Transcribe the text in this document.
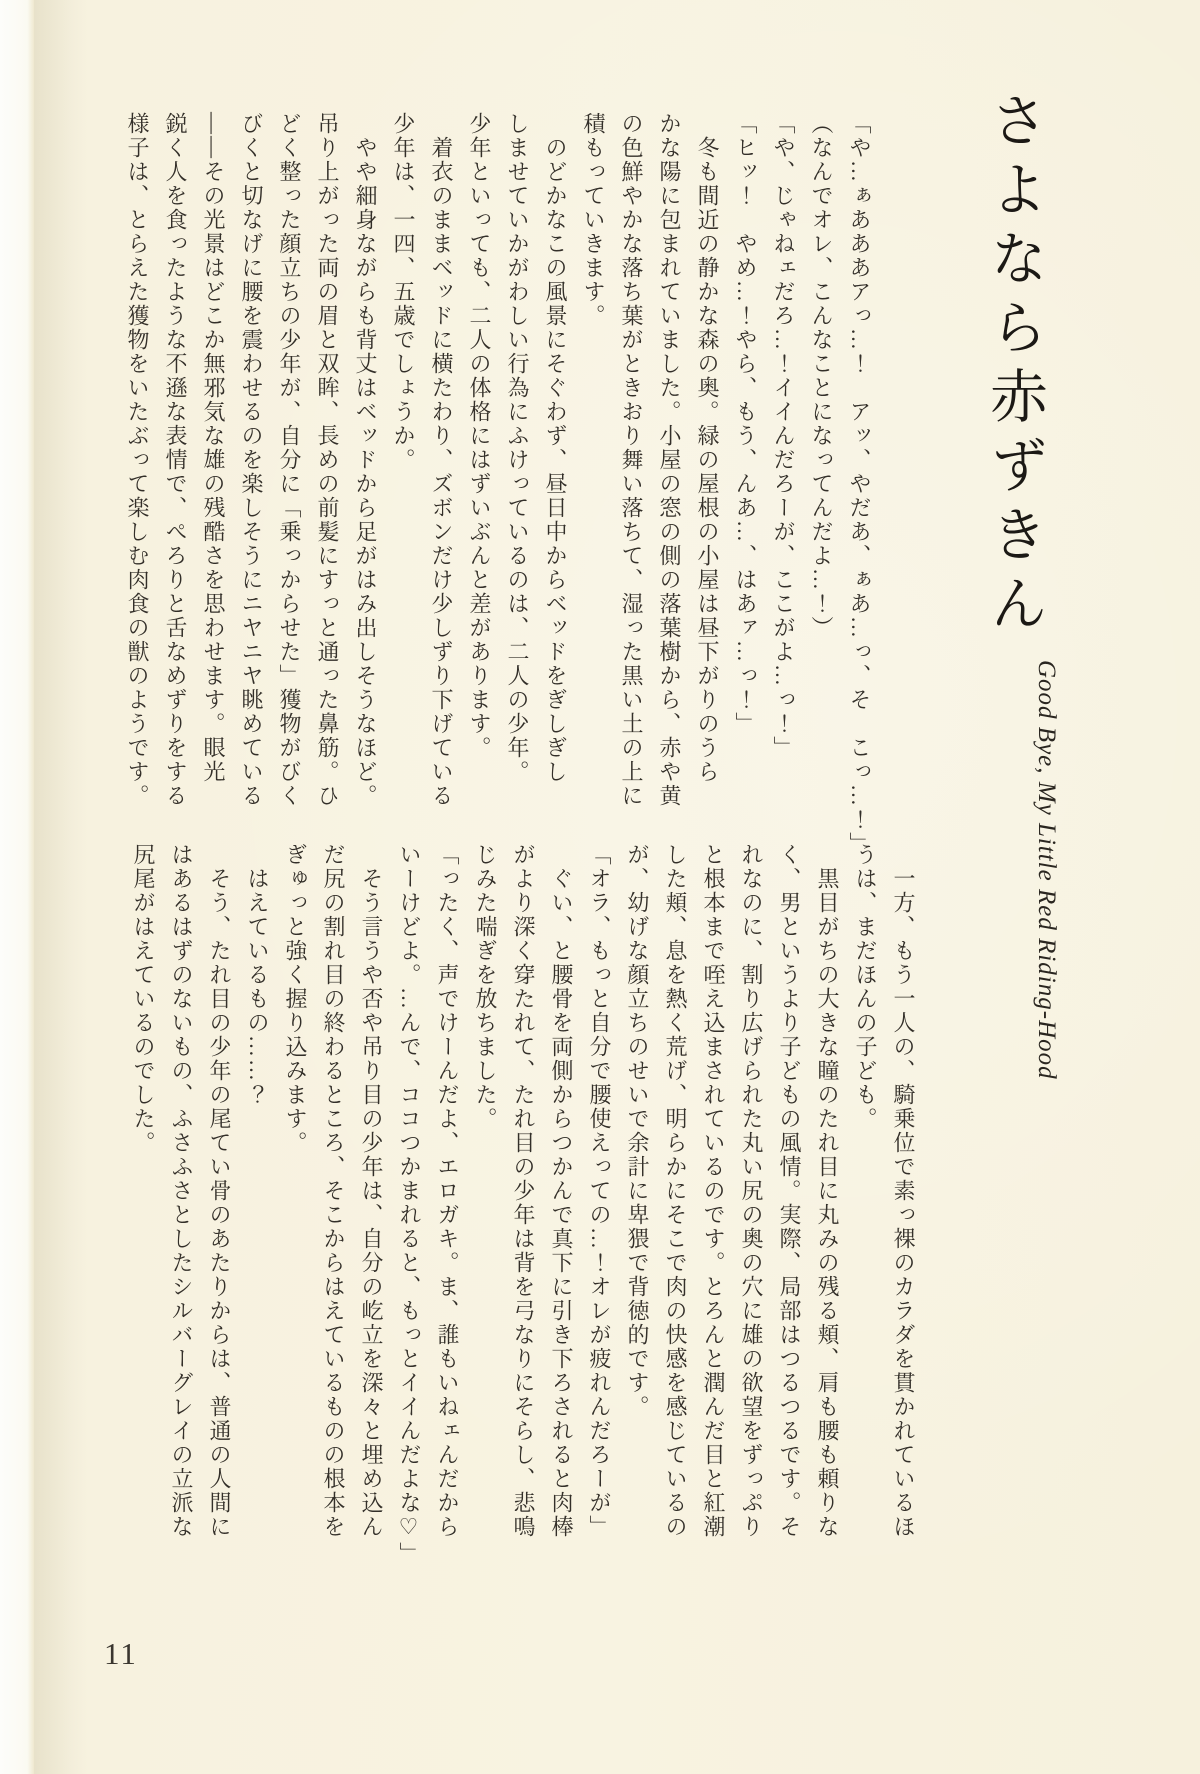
さよなら赤ずきん
Good Bye, My Little Red Riding-Hood
「や…ぁあああアっ…！　アッ、やだあ、ぁあ…っ、そ　こっ…！」
（なんでオレ、こんなことになってんだよ…！）
「や、じゃねェだろ…！イイんだろーが、ここがよ…っ！」
「ヒッ！　やめ…！やら、もう、んあ…、はあァ…っ！」
　冬も間近の静かな森の奥。緑の屋根の小屋は昼下がりのうら
かな陽に包まれていました。小屋の窓の側の落葉樹から、赤や黄
の色鮮やかな落ち葉がときおり舞い落ちて、湿った黒い土の上に
積もっていきます。
　のどかなこの風景にそぐわず、昼日中からベッドをぎしぎし
しませていかがわしい行為にふけっているのは、二人の少年。
少年といっても、二人の体格にはずいぶんと差があります。
　着衣のままベッドに横たわり、ズボンだけ少しずり下げている
少年は、一四、五歳でしょうか。
　やや細身ながらも背丈はベッドから足がはみ出しそうなほど。
吊り上がった両の眉と双眸、長めの前髪にすっと通った鼻筋。ひ
どく整った顔立ちの少年が、自分に「乗っからせた」獲物がびく
びくと切なげに腰を震わせるのを楽しそうにニヤニヤ眺めている
――その光景はどこか無邪気な雄の残酷さを思わせます。眼光
鋭く人を食ったような不遜な表情で、ぺろりと舌なめずりをする
様子は、とらえた獲物をいたぶって楽しむ肉食の獣のようです。
　一方、もう一人の、騎乗位で素っ裸のカラダを貫かれているほ
うは、まだほんの子ども。
　黒目がちの大きな瞳のたれ目に丸みの残る頬、肩も腰も頼りな
く、男というより子どもの風情。実際、局部はつるつるです。そ
れなのに、割り広げられた丸い尻の奥の穴に雄の欲望をずっぷり
と根本まで咥え込まされているのです。とろんと潤んだ目と紅潮
した頬、息を熱く荒げ、明らかにそこで肉の快感を感じているの
が、幼げな顔立ちのせいで余計に卑猥で背徳的です。
「オラ、もっと自分で腰使えっての…！オレが疲れんだろーが」
　ぐい、と腰骨を両側からつかんで真下に引き下ろされると肉棒
がより深く穿たれて、たれ目の少年は背を弓なりにそらし、悲鳴
じみた喘ぎを放ちました。
「ったく、声でけーんだよ、エロガキ。ま、誰もいねェんだから
いーけどよ。…んで、ココつかまれると、もっとイイんだよな♡」
　そう言うや否や吊り目の少年は、自分の屹立を深々と埋め込ん
だ尻の割れ目の終わるところ、そこからはえているものの根本を
ぎゅっと強く握り込みます。
　はえているもの……？
　そう、たれ目の少年の尾てい骨のあたりからは、普通の人間に
はあるはずのないもの、ふさふさとしたシルバーグレイの立派な
尻尾がはえているのでした。
11
